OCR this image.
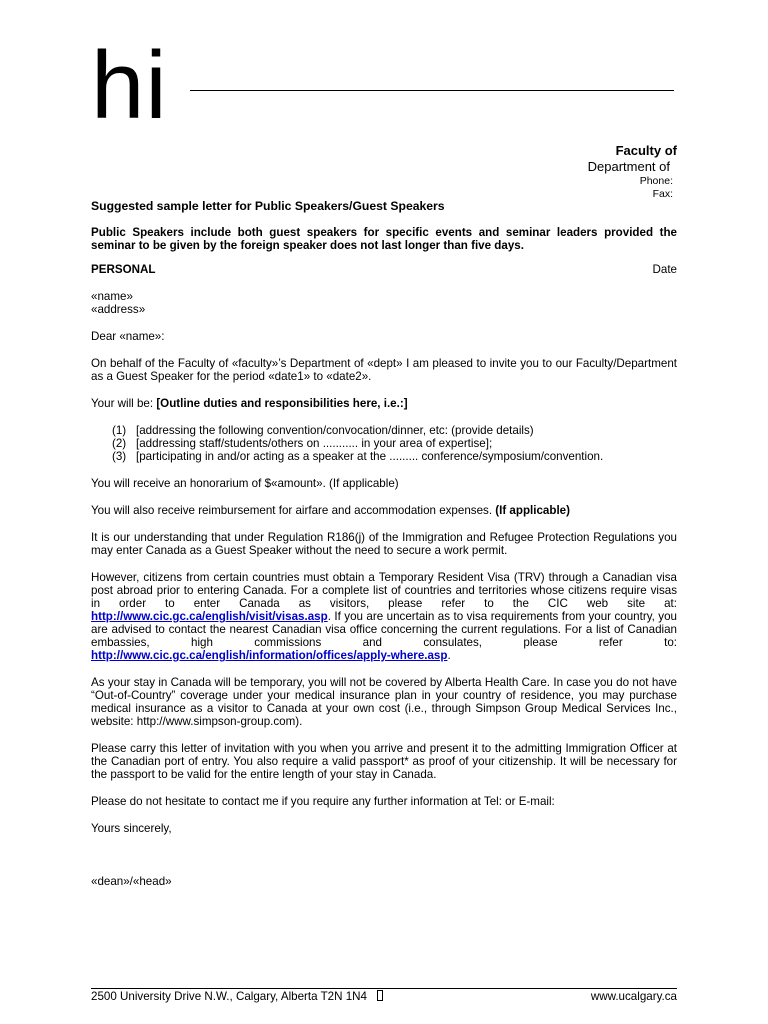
hi
Faculty of
Department of
Phone:
Fax:

Suggested sample letter for Public Speakers/Guest Speakers

Public Speakers include both guest speakers for specific events and seminar leaders provided the seminar to be given by the foreign speaker does not last longer than five days.

PERSONAL	Date

«name»

«address»

Dear «name»:

On behalf of the Faculty of «faculty»’s Department of «dept» I am pleased to invite you to our Faculty/Department as a Guest Speaker for the period «date1» to «date2».

Your will be: [Outline duties and responsibilities here, i.e.:]

(1) [addressing the following convention/convocation/dinner, etc: (provide details)
(2) [addressing staff/students/others on ........... in your area of expertise];
(3) [participating in and/or acting as a speaker at the ......... conference/symposium/convention.

You will receive an honorarium of $«amount». (If applicable)

You will also receive reimbursement for airfare and accommodation expenses. (If applicable)

It is our understanding that under Regulation R186(j) of the Immigration and Refugee Protection Regulations you may enter Canada as a Guest Speaker without the need to secure a work permit.

However, citizens from certain countries must obtain a Temporary Resident Visa (TRV) through a Canadian visa post abroad prior to entering Canada. For a complete list of countries and territories whose citizens require visas in order to enter Canada as visitors, please refer to the CIC web site at: http://www.cic.gc.ca/english/visit/visas.asp. If you are uncertain as to visa requirements from your country, you are advised to contact the nearest Canadian visa office concerning the current regulations. For a list of Canadian embassies, high commissions and consulates, please refer to: http://www.cic.gc.ca/english/information/offices/apply-where.asp.

As your stay in Canada will be temporary, you will not be covered by Alberta Health Care. In case you do not have “Out-of-Country” coverage under your medical insurance plan in your country of residence, you may purchase medical insurance as a visitor to Canada at your own cost (i.e., through Simpson Group Medical Services Inc., website: http://www.simpson-group.com).

Please carry this letter of invitation with you when you arrive and present it to the admitting Immigration Officer at the Canadian port of entry. You also require a valid passport* as proof of your citizenship. It will be necessary for the passport to be valid for the entire length of your stay in Canada.

Please do not hesitate to contact me if you require any further information at Tel: or E-mail:

Yours sincerely,

«dean»/«head»

2500 University Drive N.W., Calgary, Alberta T2N 1N4	www.ucalgary.ca
